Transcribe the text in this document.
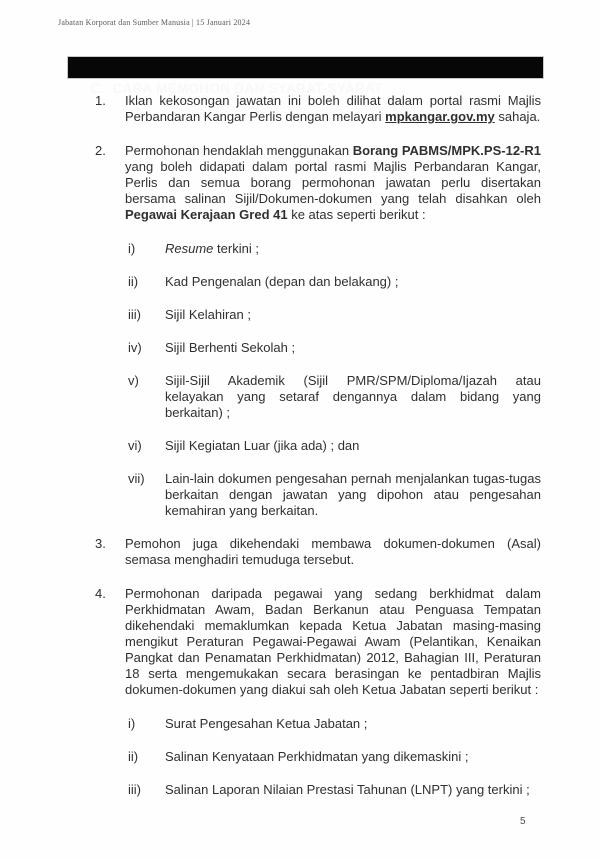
Jabatan Korporat dan Sumber Manusia | 15 Januari 2024

C.  CARA MEMOHON DAN SYARAT-SYARAT

1.	Iklan kekosongan jawatan ini boleh dilihat dalam portal rasmi Majlis Perbandaran Kangar Perlis dengan melayari mpkangar.gov.my sahaja.
2.	Permohonan hendaklah menggunakan Borang PABMS/MPK.PS-12-R1 yang boleh didapati dalam portal rasmi Majlis Perbandaran Kangar, Perlis dan semua borang permohonan jawatan perlu disertakan bersama salinan Sijil/Dokumen-dokumen yang telah disahkan oleh Pegawai Kerajaan Gred 41 ke atas seperti berikut :
i)	Resume terkini ;
ii)	Kad Pengenalan (depan dan belakang) ;
iii)	Sijil Kelahiran ;
iv)	Sijil Berhenti Sekolah ;
v)	Sijil-Sijil Akademik (Sijil PMR/SPM/Diploma/Ijazah atau kelayakan yang setaraf dengannya dalam bidang yang berkaitan) ;
vi)	Sijil Kegiatan Luar (jika ada) ; dan
vii)	Lain-lain dokumen pengesahan pernah menjalankan tugas-tugas berkaitan dengan jawatan yang dipohon atau pengesahan kemahiran yang berkaitan.
3.	Pemohon juga dikehendaki membawa dokumen-dokumen (Asal) semasa menghadiri temuduga tersebut.
4.	Permohonan daripada pegawai yang sedang berkhidmat dalam Perkhidmatan Awam, Badan Berkanun atau Penguasa Tempatan dikehendaki memaklumkan kepada Ketua Jabatan masing-masing mengikut Peraturan Pegawai-Pegawai Awam (Pelantikan, Kenaikan Pangkat dan Penamatan Perkhidmatan) 2012, Bahagian III, Peraturan 18 serta mengemukakan secara berasingan ke pentadbiran Majlis dokumen-dokumen yang diakui sah oleh Ketua Jabatan seperti berikut :
i)	Surat Pengesahan Ketua Jabatan ;
ii)	Salinan Kenyataan Perkhidmatan yang dikemaskini ;
iii)	Salinan Laporan Nilaian Prestasi Tahunan (LNPT) yang terkini ;
5
